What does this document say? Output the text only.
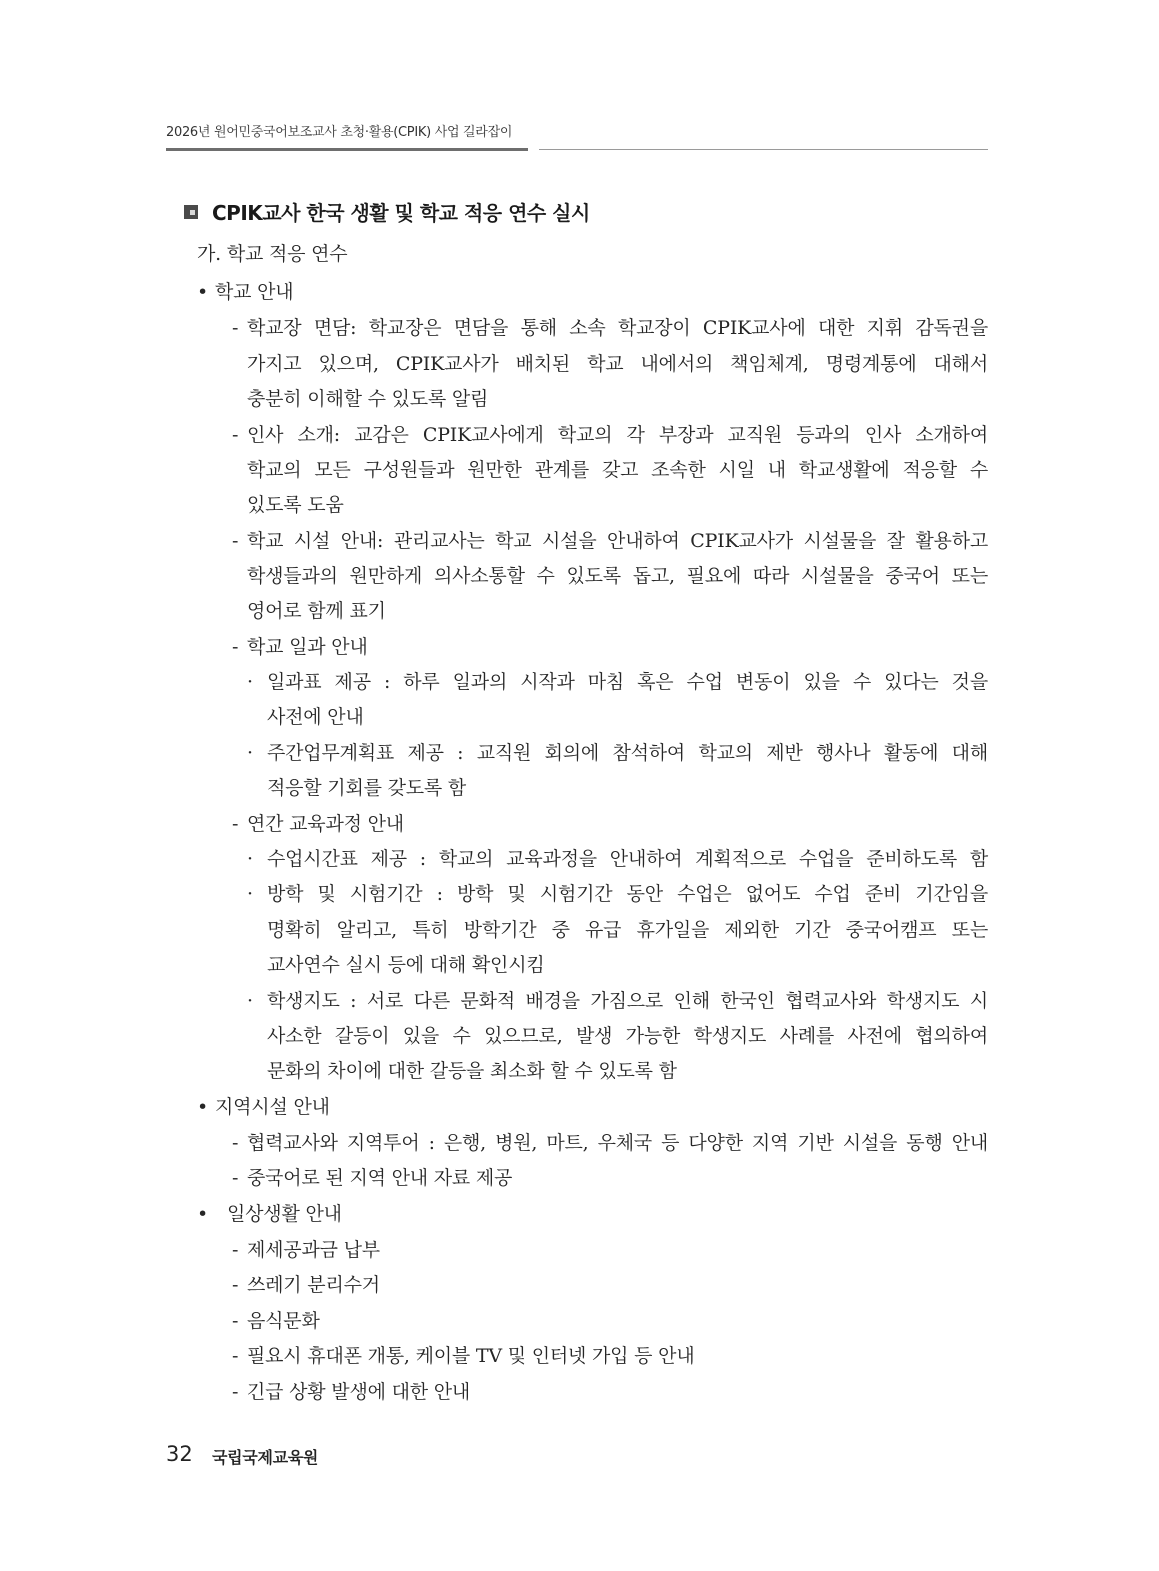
2026년 원어민중국어보조교사 초청·활용(CPIK) 사업 길라잡이
CPIK교사 한국 생활 및 학교 적응 연수 실시
가. 학교 적응 연수
• 학교 안내
- 학교장 면담: 학교장은 면담을 통해 소속 학교장이 CPIK교사에 대한 지휘 감독권을
가지고 있으며, CPIK교사가 배치된 학교 내에서의 책임체계, 명령계통에 대해서
충분히 이해할 수 있도록 알림
- 인사 소개: 교감은 CPIK교사에게 학교의 각 부장과 교직원 등과의 인사 소개하여
학교의 모든 구성원들과 원만한 관계를 갖고 조속한 시일 내 학교생활에 적응할 수
있도록 도움
- 학교 시설 안내: 관리교사는 학교 시설을 안내하여 CPIK교사가 시설물을 잘 활용하고
학생들과의 원만하게 의사소통할 수 있도록 돕고, 필요에 따라 시설물을 중국어 또는
영어로 함께 표기
- 학교 일과 안내
· 일과표 제공 : 하루 일과의 시작과 마침 혹은 수업 변동이 있을 수 있다는 것을
사전에 안내
· 주간업무계획표 제공 : 교직원 회의에 참석하여 학교의 제반 행사나 활동에 대해
적응할 기회를 갖도록 함
- 연간 교육과정 안내
· 수업시간표 제공 : 학교의 교육과정을 안내하여 계획적으로 수업을 준비하도록 함
· 방학 및 시험기간 : 방학 및 시험기간 동안 수업은 없어도 수업 준비 기간임을
명확히 알리고, 특히 방학기간 중 유급 휴가일을 제외한 기간 중국어캠프 또는
교사연수 실시 등에 대해 확인시킴
· 학생지도 : 서로 다른 문화적 배경을 가짐으로 인해 한국인 협력교사와 학생지도 시
사소한 갈등이 있을 수 있으므로, 발생 가능한 학생지도 사례를 사전에 협의하여
문화의 차이에 대한 갈등을 최소화 할 수 있도록 함
• 지역시설 안내
- 협력교사와 지역투어 : 은행, 병원, 마트, 우체국 등 다양한 지역 기반 시설을 동행 안내
- 중국어로 된 지역 안내 자료 제공
• 일상생활 안내
- 제세공과금 납부
- 쓰레기 분리수거
- 음식문화
- 필요시 휴대폰 개통, 케이블 TV 및 인터넷 가입 등 안내
- 긴급 상황 발생에 대한 안내
32 국립국제교육원
